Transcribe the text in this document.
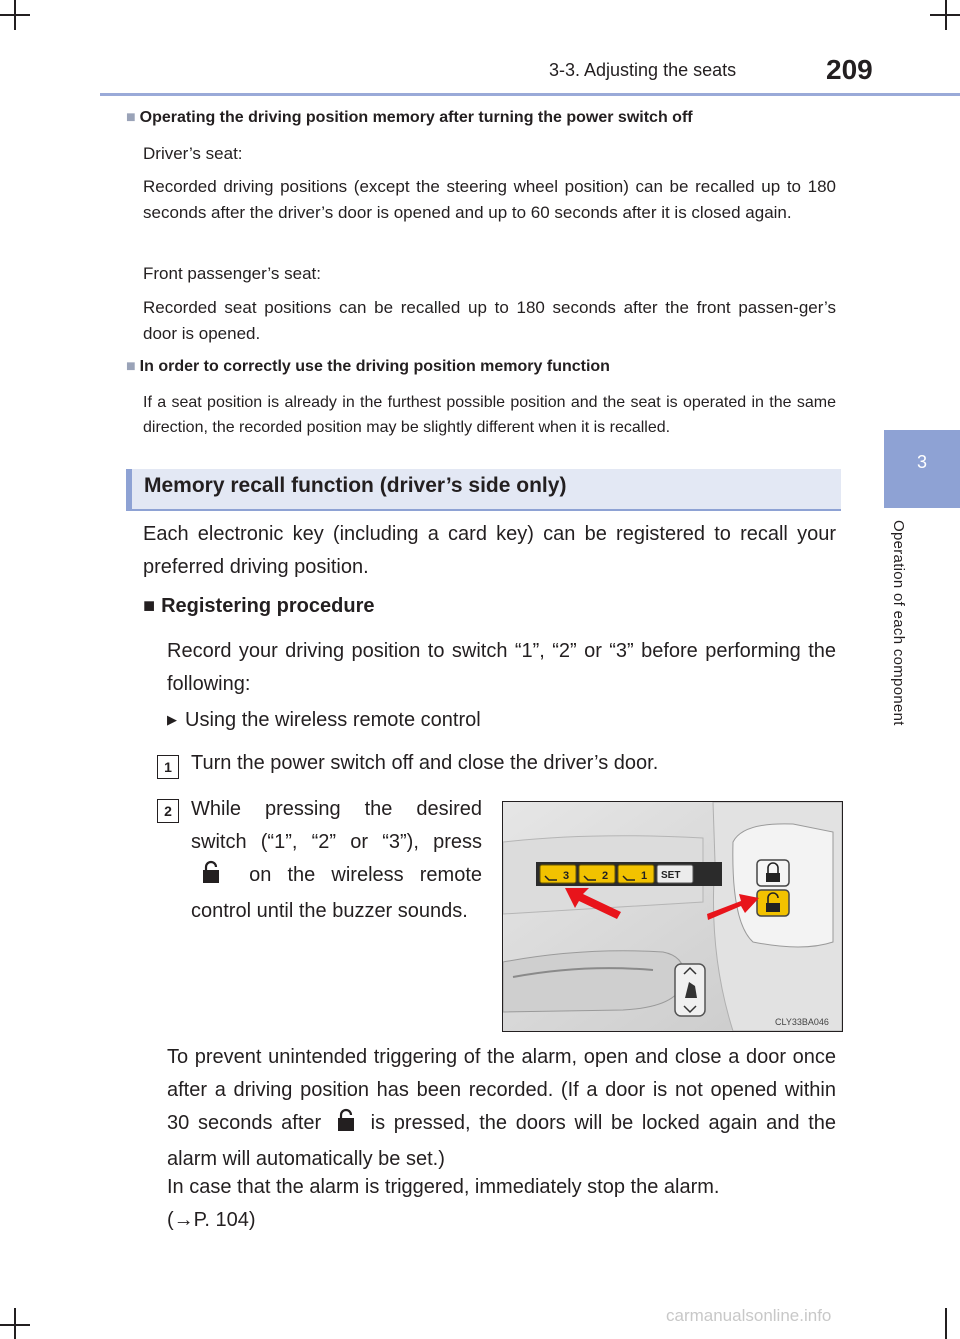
3-3. Adjusting the seats	209
3
Operation of each component
■ Operating the driving position memory after turning the power switch off
Driver’s seat:
Recorded driving positions (except the steering wheel position) can be recalled up to 180 seconds after the driver’s door is opened and up to 60 seconds after it is closed again.
Front passenger’s seat:
Recorded seat positions can be recalled up to 180 seconds after the front passen-ger’s door is opened.
■ In order to correctly use the driving position memory function
If a seat position is already in the furthest possible position and the seat is operated in the same direction, the recorded position may be slightly different when it is recalled.
Memory recall function (driver’s side only)
Each electronic key (including a card key) can be registered to recall your preferred driving position.
■ Registering procedure
Record your driving position to switch “1”, “2” or “3” before performing the following:
▶ Using the wireless remote control
1 Turn the power switch off and close the driver’s door.
2 While pressing the desired switch (“1”, “2” or “3”), press  on the wireless remote control until the buzzer sounds.
3	2	1 SET
CLY33BA046
To prevent unintended triggering of the alarm, open and close a door once after a driving position has been recorded. (If a door is not opened within 30 seconds after is pressed, the doors will be locked again and the alarm will automatically be set.)
In case that the alarm is triggered, immediately stop the alarm.
(→P. 104)
carmanualsonline.info
